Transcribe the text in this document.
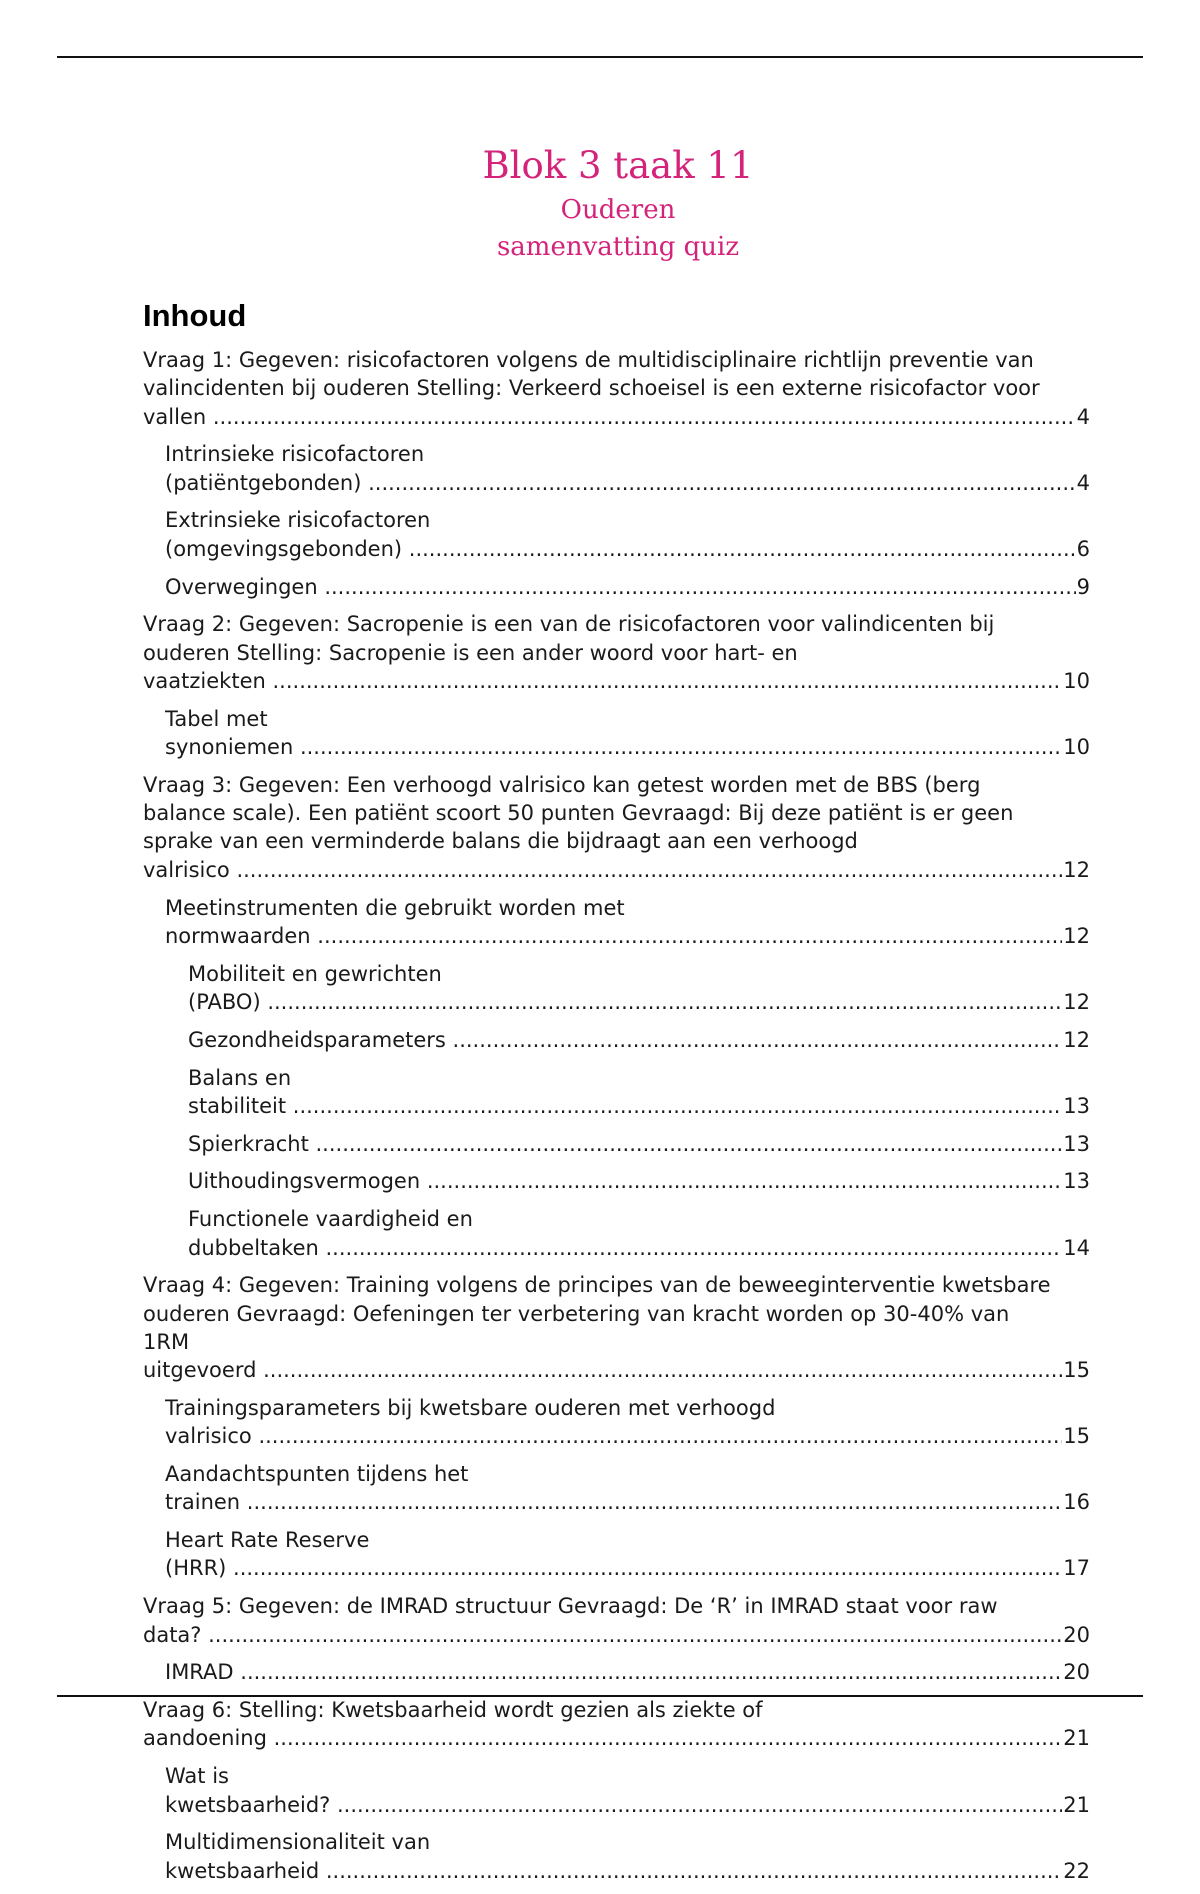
Blok 3 taak 11
Ouderen
samenvatting quiz
Inhoud
Vraag 1: Gegeven: risicofactoren volgens de multidisciplinaire richtlijn preventie van valincidenten bij ouderen Stelling: Verkeerd schoeisel is een externe risicofactor voor vallen .....	4
Intrinsieke risicofactoren (patiëntgebonden) .....	4
Extrinsieke risicofactoren (omgevingsgebonden) .....	6
Overwegingen .....	9
Vraag 2: Gegeven: Sacropenie is een van de risicofactoren voor valindicenten bij ouderen Stelling: Sacropenie is een ander woord voor hart- en vaatziekten .....	10
Tabel met synoniemen .....	10
Vraag 3: Gegeven: Een verhoogd valrisico kan getest worden met de BBS (berg balance scale). Een patiënt scoort 50 punten Gevraagd: Bij deze patiënt is er geen sprake van een verminderde balans die bijdraagt aan een verhoogd valrisico .....	12
Meetinstrumenten die gebruikt worden met normwaarden .....	12
Mobiliteit en gewrichten (PABO) .....	12
Gezondheidsparameters .....	12
Balans en stabiliteit .....	13
Spierkracht .....	13
Uithoudingsvermogen .....	13
Functionele vaardigheid en dubbeltaken .....	14
Vraag 4: Gegeven: Training volgens de principes van de beweeginterventie kwetsbare ouderen Gevraagd: Oefeningen ter verbetering van kracht worden op 30-40% van 1RM uitgevoerd .....	15
Trainingsparameters bij kwetsbare ouderen met verhoogd valrisico .....	15
Aandachtspunten tijdens het trainen .....	16
Heart Rate Reserve (HRR) .....	17
Vraag 5: Gegeven: de IMRAD structuur Gevraagd: De ‘R’ in IMRAD staat voor raw data? .....	20
IMRAD .....	20
Vraag 6: Stelling: Kwetsbaarheid wordt gezien als ziekte of aandoening .....	21
Wat is kwetsbaarheid? .....	21
Multidimensionaliteit van kwetsbaarheid .....	22
